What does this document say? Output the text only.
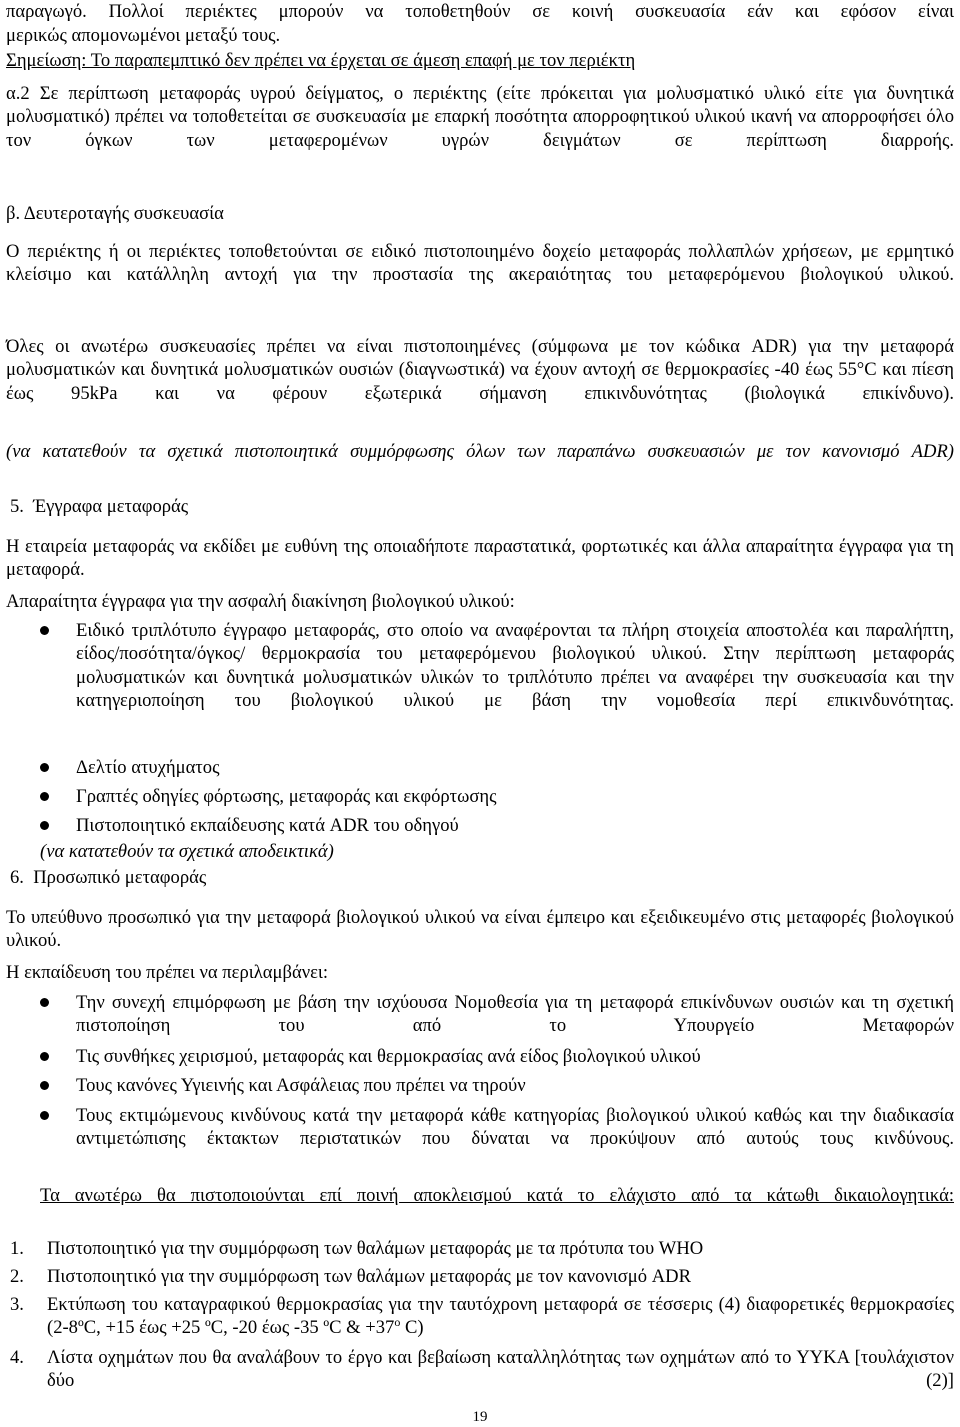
παραγωγό. Πολλοί περιέκτες μπορούν να τοποθετηθούν σε κοινή συσκευασία εάν και εφόσον είναι

μερικώς απομονωμένοι μεταξύ τους.

Σημείωση: Το παραπεμπτικό δεν πρέπει να έρχεται σε άμεση επαφή με τον περιέκτη

α.2 Σε περίπτωση μεταφοράς υγρού δείγματος, ο περιέκτης (είτε πρόκειται για μολυσματικό υλικό είτε για δυνητικά μολυσματικό) πρέπει να τοποθετείται σε συσκευασία με επαρκή ποσότητα απορροφητικού υλικού ικανή να απορροφήσει όλο τον όγκων των μεταφερομένων υγρών δειγμάτων σε περίπτωση διαρροής.

β. Δευτεροταγής συσκευασία

Ο περιέκτης ή οι περιέκτες τοποθετούνται σε ειδικό πιστοποιημένο δοχείο μεταφοράς πολλαπλών χρήσεων, με ερμητικό κλείσιμο και κατάλληλη αντοχή για την προστασία της ακεραιότητας του μεταφερόμενου βιολογικού υλικού.

Όλες οι ανωτέρω συσκευασίες πρέπει να είναι πιστοποιημένες (σύμφωνα με τον κώδικα ADR) για την μεταφορά μολυσματικών και δυνητικά μολυσματικών ουσιών (διαγνωστικά) να έχουν αντοχή σε θερμοκρασίες -40 έως 55°C και πίεση έως 95kPa και να φέρουν εξωτερικά σήμανση επικινδυνότητας (βιολογικά επικίνδυνο).

(να κατατεθούν τα σχετικά πιστοποιητικά συμμόρφωσης όλων των παραπάνω συσκευασιών με τον κανονισμό ADR)

5. Έγγραφα μεταφοράς

Η εταιρεία μεταφοράς να εκδίδει με ευθύνη της οποιαδήποτε παραστατικά, φορτωτικές και άλλα απαραίτητα έγγραφα για τη μεταφορά.

Απαραίτητα έγγραφα για την ασφαλή διακίνηση βιολογικού υλικού:

Ειδικό τριπλότυπο έγγραφο μεταφοράς, στο οποίο να αναφέρονται τα πλήρη στοιχεία αποστολέα και παραλήπτη, είδος/ποσότητα/όγκος/ θερμοκρασία του μεταφερόμενου βιολογικού υλικού. Στην περίπτωση μεταφοράς μολυσματικών και δυνητικά μολυσματικών υλικών το τριπλότυπο πρέπει να αναφέρει την συσκευασία και την κατηγεριοποίηση του βιολογικού υλικού με βάση την νομοθεσία περί επικινδυνότητας.

Δελτίο ατυχήματος

Γραπτές οδηγίες φόρτωσης, μεταφοράς και εκφόρτωσης

Πιστοποιητικό εκπαίδευσης κατά ADR του οδηγού

(να κατατεθούν τα σχετικά αποδεικτικά)

6. Προσωπικό μεταφοράς

Το υπεύθυνο προσωπικό για την μεταφορά βιολογικού υλικού να είναι έμπειρο και εξειδικευμένο στις μεταφορές βιολογικού υλικού.

Η εκπαίδευση του πρέπει να περιλαμβάνει:

Την συνεχή επιμόρφωση με βάση την ισχύουσα Νομοθεσία για τη μεταφορά επικίνδυνων ουσιών και τη σχετική πιστοποίηση του από το Υπουργείο Μεταφορών

Τις συνθήκες χειρισμού, μεταφοράς και θερμοκρασίας ανά είδος βιολογικού υλικού

Τους κανόνες Υγιεινής και Ασφάλειας που πρέπει να τηρούν

Τους εκτιμώμενους κινδύνους κατά την μεταφορά κάθε κατηγορίας βιολογικού υλικού καθώς και την διαδικασία αντιμετώπισης έκτακτων περιστατικών που δύναται να προκύψουν από αυτούς τους κινδύνους.

Τα ανωτέρω θα πιστοποιούνται επί ποινή αποκλεισμού κατά το ελάχιστο από τα κάτωθι δικαιολογητικά:

1. Πιστοποιητικό για την συμμόρφωση των θαλάμων μεταφοράς με τα πρότυπα του WHO

2. Πιστοποιητικό για την συμμόρφωση των θαλάμων μεταφοράς με τον κανονισμό ADR

3. Εκτύπωση του καταγραφικού θερμοκρασίας για την ταυτόχρονη μεταφορά σε τέσσερις (4) διαφορετικές θερμοκρασίες (2-8ºC, +15 έως +25 ºC, -20 έως -35 ºC & $+37^o$ C)

4. Λίστα οχημάτων που θα αναλάβουν το έργο και βεβαίωση καταλληλότητας των οχημάτων από το ΥΥΚΑ [τουλάχιστον δύο (2)]

19
